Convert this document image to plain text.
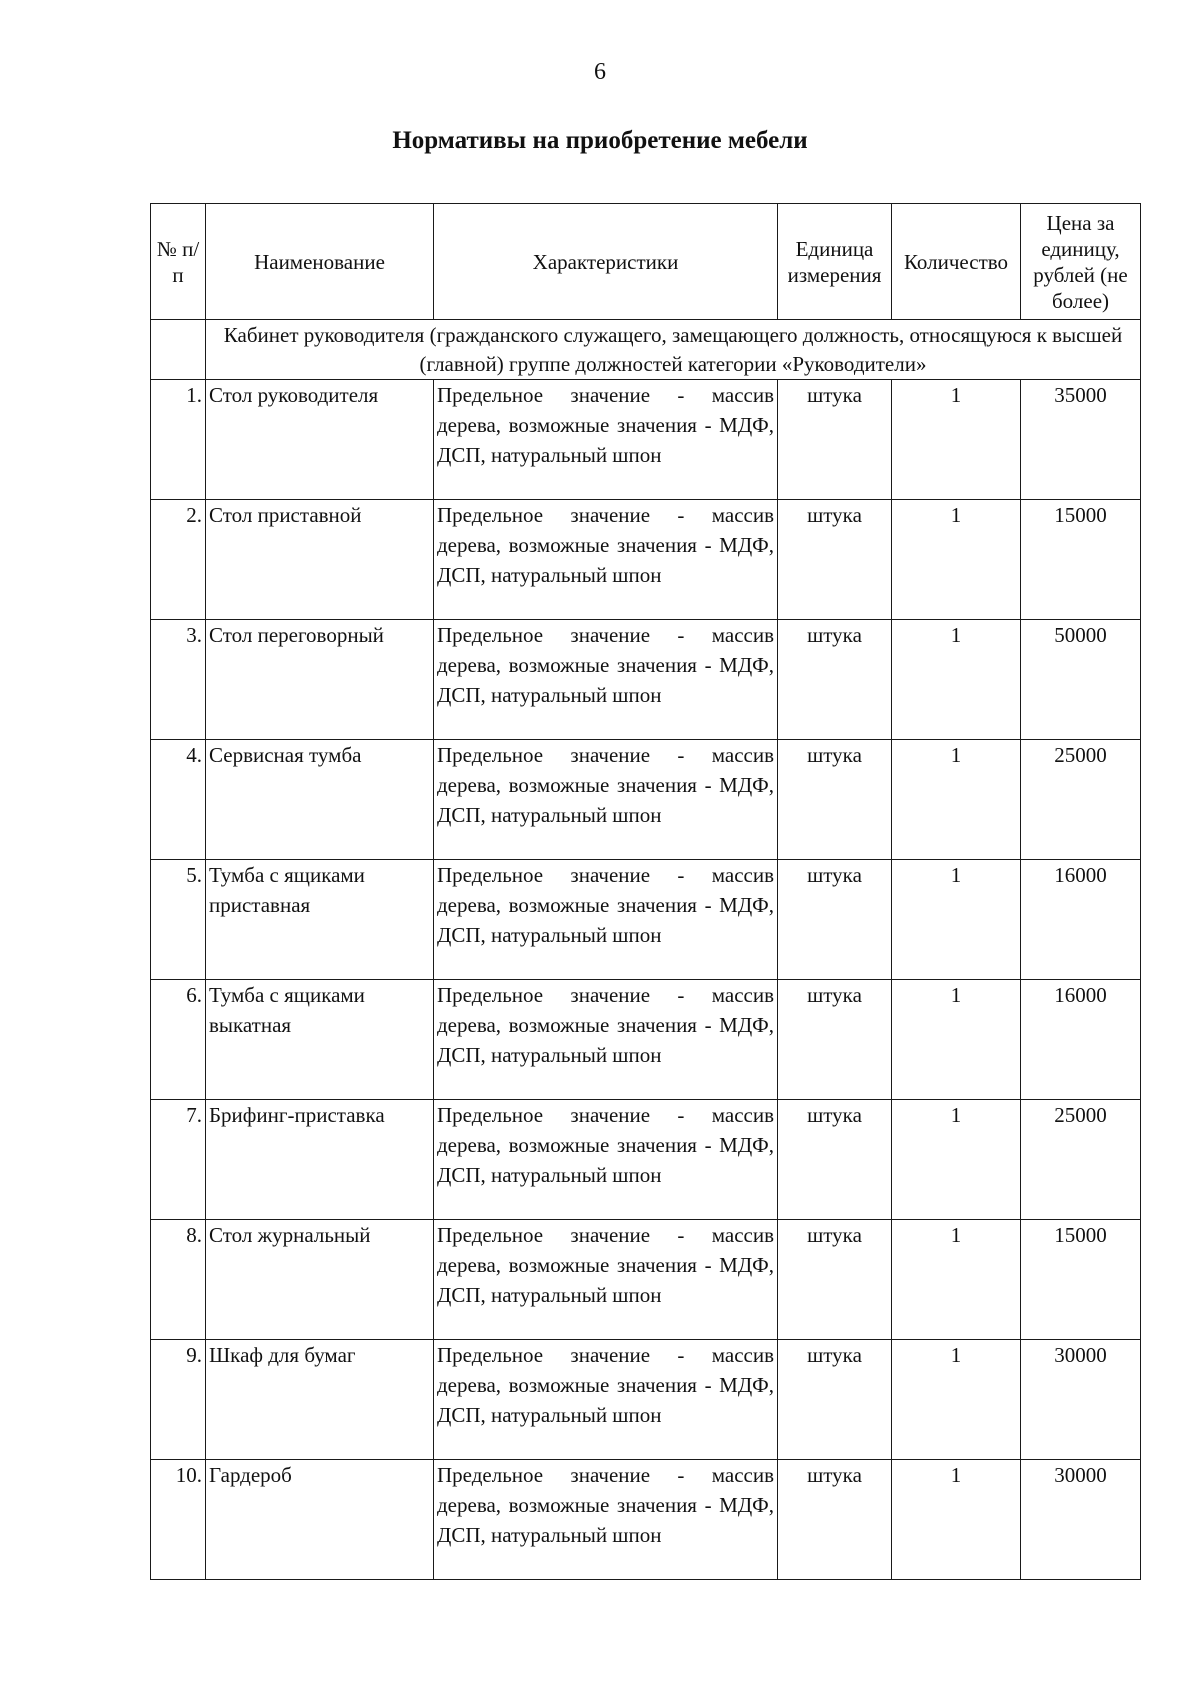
6
Нормативы на приобретение мебели
№ п/п	Наименование	Характеристики	Единица измерения	Количество	Цена за единицу, рублей (не более)
	Кабинет руководителя (гражданского служащего, замещающего должность, относящуюся к высшей (главной) группе должностей категории «Руководители»				
1.	Стол руководителя	Предельное значение - массив дерева, возможные значения - МДФ, ДСП, натуральный шпон	штука	1	35000
2.	Стол приставной	Предельное значение - массив дерева, возможные значения - МДФ, ДСП, натуральный шпон	штука	1	15000
3.	Стол переговорный	Предельное значение - массив дерева, возможные значения - МДФ, ДСП, натуральный шпон	штука	1	50000
4.	Сервисная тумба	Предельное значение - массив дерева, возможные значения - МДФ, ДСП, натуральный шпон	штука	1	25000
5.	Тумба с ящиками приставная	Предельное значение - массив дерева, возможные значения - МДФ, ДСП, натуральный шпон	штука	1	16000
6.	Тумба с ящиками выкатная	Предельное значение - массив дерева, возможные значения - МДФ, ДСП, натуральный шпон	штука	1	16000
7.	Брифинг-приставка	Предельное значение - массив дерева, возможные значения - МДФ, ДСП, натуральный шпон	штука	1	25000
8.	Стол журнальный	Предельное значение - массив дерева, возможные значения - МДФ, ДСП, натуральный шпон	штука	1	15000
9.	Шкаф для бумаг	Предельное значение - массив дерева, возможные значения - МДФ, ДСП, натуральный шпон	штука	1	30000
10.	Гардероб	Предельное значение - массив дерева, возможные значения - МДФ, ДСП, натуральный шпон	штука	1	30000
